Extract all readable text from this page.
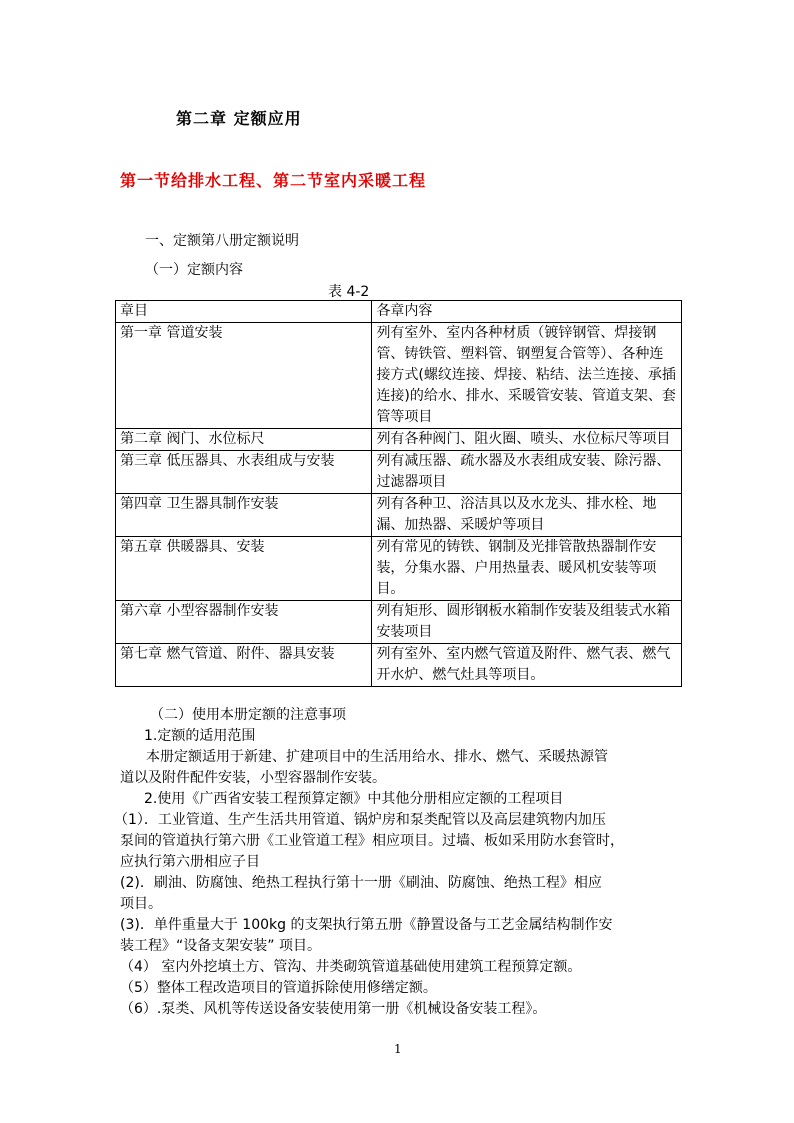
第二章 定额应用
第一节给排水工程、第二节室内采暖工程
一、定额第八册定额说明
（一）定额内容
表 4-2
章目	各章内容
第一章 管道安装	列有室外、室内各种材质（镀锌钢管、焊接钢管、铸铁管、塑料管、钢塑复合管等）、各种连接方式(螺纹连接、焊接、粘结、法兰连接、承插连接)的给水、排水、采暖管安装、管道支架、套管等项目
第二章 阀门、水位标尺	列有各种阀门、阻火圈、喷头、水位标尺等项目
第三章 低压器具、水表组成与安装	列有减压器、疏水器及水表组成安装、除污器、过滤器项目
第四章 卫生器具制作安装	列有各种卫、浴洁具以及水龙头、排水栓、地漏、加热器、采暖炉等项目
第五章 供暖器具、安装	列有常见的铸铁、钢制及光排管散热器制作安装，分集水器、户用热量表、暖风机安装等项目。
第六章 小型容器制作安装	列有矩形、圆形钢板水箱制作安装及组装式水箱安装项目
第七章 燃气管道、附件、器具安装	列有室外、室内燃气管道及附件、燃气表、燃气开水炉、燃气灶具等项目。
（二）使用本册定额的注意事项
1.定额的适用范围
本册定额适用于新建、扩建项目中的生活用给水、排水、燃气、采暖热源管
道以及附件配件安装，小型容器制作安装。
2.使用《广西省安装工程预算定额》中其他分册相应定额的工程项目
（1）．工业管道、生产生活共用管道、锅炉房和泵类配管以及高层建筑物内加压
泵间的管道执行第六册《工业管道工程》相应项目。过墙、板如采用防水套管时，
应执行第六册相应子目
(2)．刷油、防腐蚀、绝热工程执行第十一册《刷油、防腐蚀、绝热工程》相应
项目。
(3)．单件重量大于 100kg 的支架执行第五册《静置设备与工艺金属结构制作安
装工程》“设备支架安装” 项目。
（4） 室内外挖填土方、管沟、井类砌筑管道基础使用建筑工程预算定额。
（5）整体工程改造项目的管道拆除使用修缮定额。
（6）.泵类、风机等传送设备安装使用第一册《机械设备安装工程》。
1
